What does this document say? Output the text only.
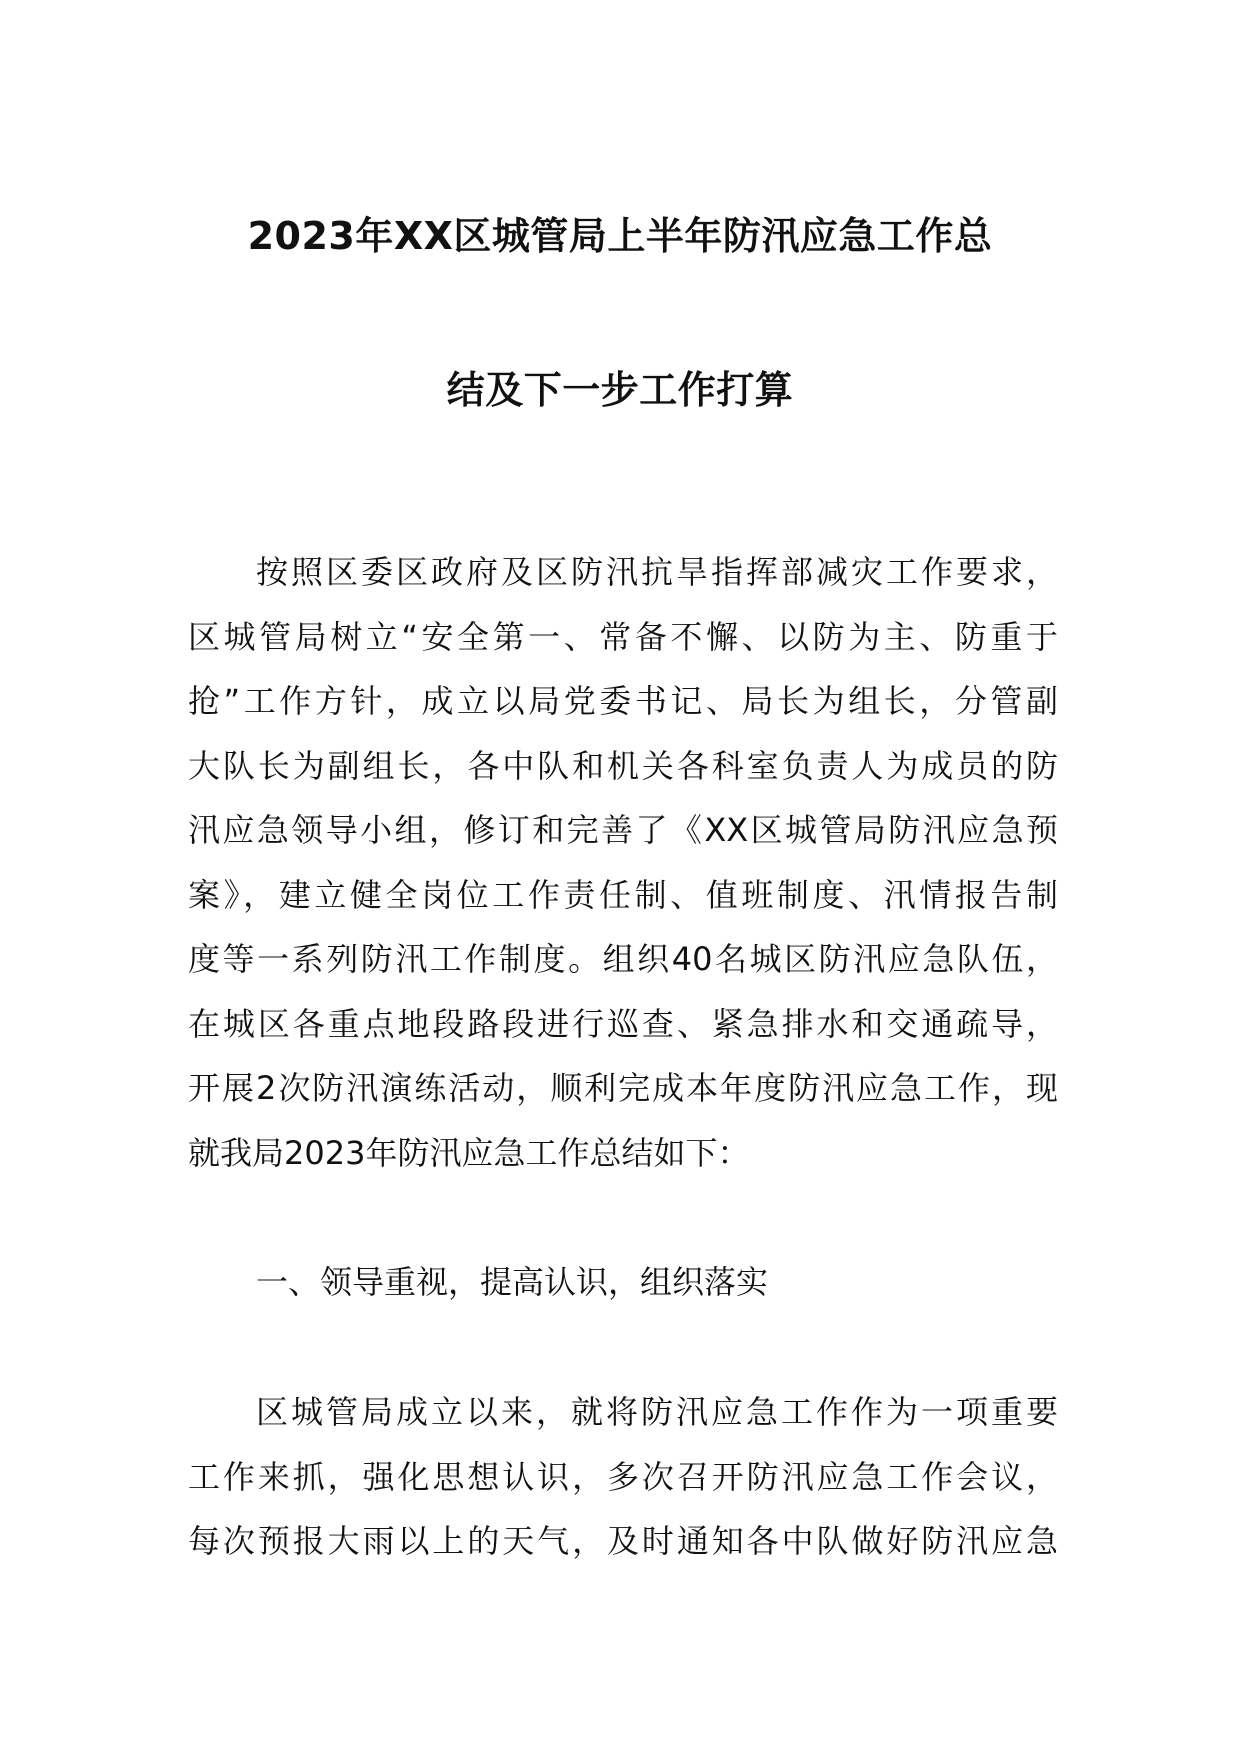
2023年XX区城管局上半年防汛应急工作总
结及下一步工作打算
按照区委区政府及区防汛抗旱指挥部减灾工作要求，
区城管局树立“安全第一、常备不懈、以防为主、防重于
抢”工作方针，成立以局党委书记、局长为组长，分管副
大队长为副组长，各中队和机关各科室负责人为成员的防
汛应急领导小组，修订和完善了《XX区城管局防汛应急预
案》，建立健全岗位工作责任制、值班制度、汛情报告制
度等一系列防汛工作制度。组织40名城区防汛应急队伍，
在城区各重点地段路段进行巡查、紧急排水和交通疏导，
开展2次防汛演练活动，顺利完成本年度防汛应急工作，现
就我局2023年防汛应急工作总结如下：
一、领导重视，提高认识，组织落实
区城管局成立以来，就将防汛应急工作作为一项重要
工作来抓，强化思想认识，多次召开防汛应急工作会议，
每次预报大雨以上的天气，及时通知各中队做好防汛应急
